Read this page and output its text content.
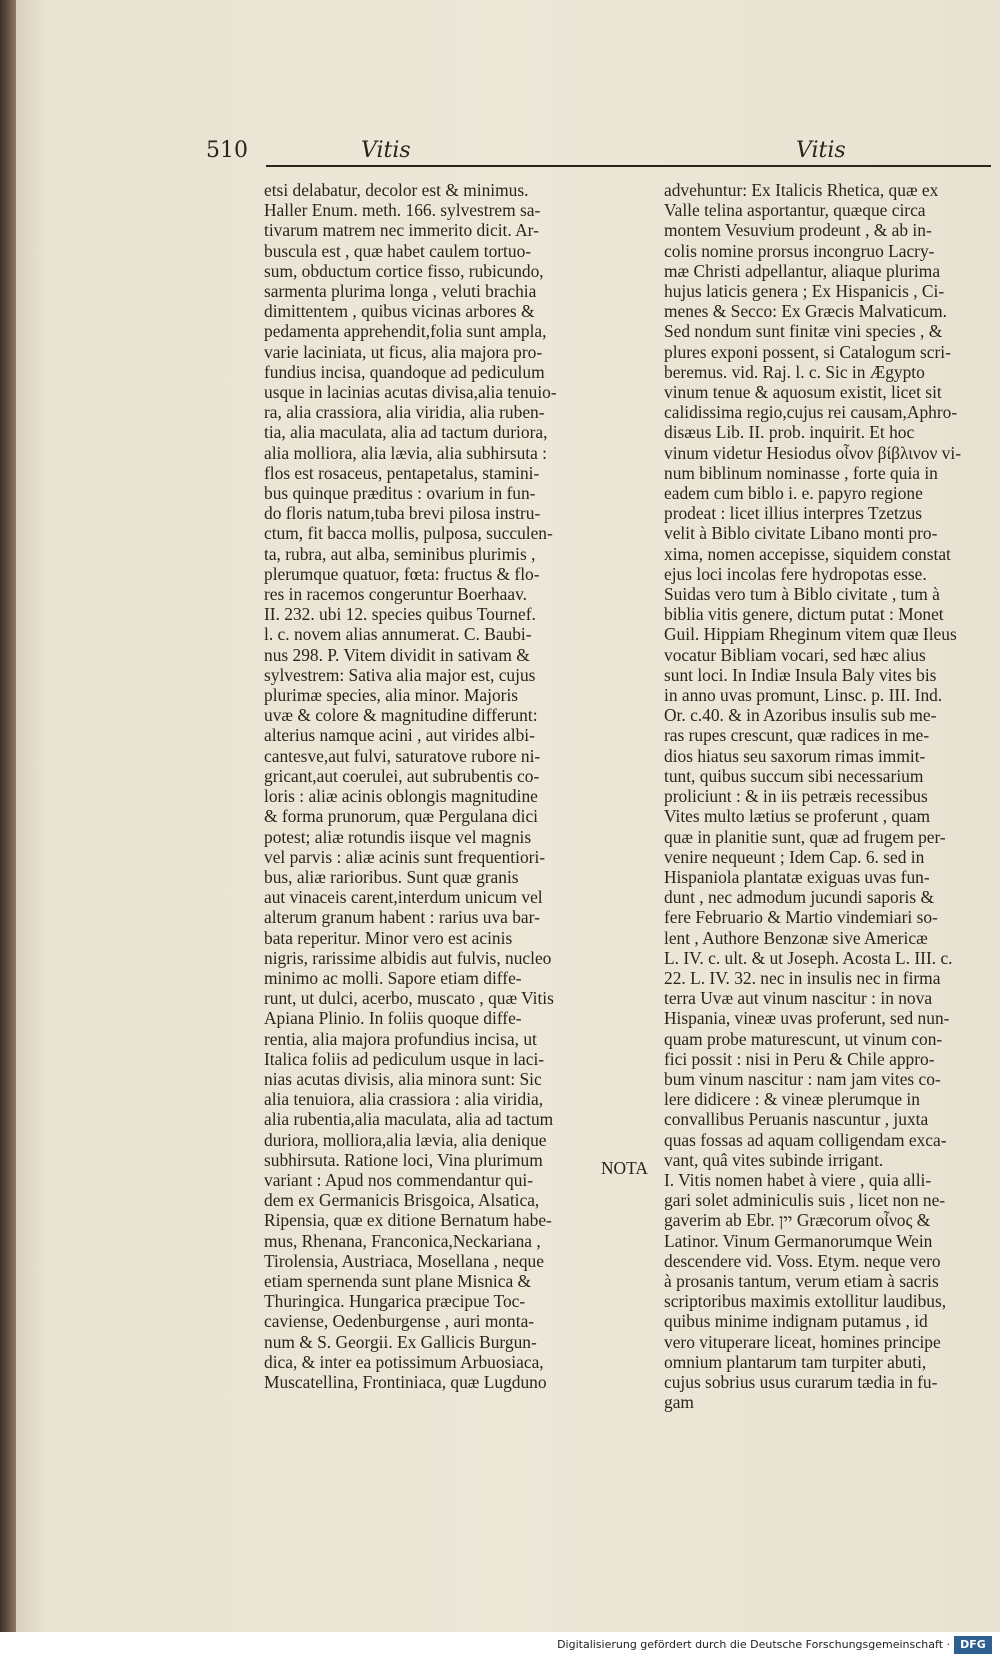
510	Vitis	Vitis
etsi delabatur, decolor est & minimus.
Haller Enum. meth. 166. sylvestrem sa-
tivarum matrem nec immerito dicit. Ar-
buscula est , quæ habet caulem tortuo-
sum, obductum cortice fisso, rubicundo,
sarmenta plurima longa , veluti brachia
dimittentem , quibus vicinas arbores &
pedamenta apprehendit,folia sunt ampla,
varie laciniata, ut ficus, alia majora pro-
fundius incisa, quandoque ad pediculum
usque in lacinias acutas divisa,alia tenuio-
ra, alia crassiora, alia viridia, alia ruben-
tia, alia maculata, alia ad tactum duriora,
alia molliora, alia lævia, alia subhirsuta :
flos est rosaceus, pentapetalus, stamini-
bus quinque præditus : ovarium in fun-
do floris natum,tuba brevi pilosa instru-
ctum, fit bacca mollis, pulposa, succulen-
ta, rubra, aut alba, seminibus plurimis ,
plerumque quatuor, fœta: fructus & flo-
res in racemos congeruntur Boerhaav.
II. 232. ubi 12. species quibus Tournef.
l. c. novem alias annumerat. C. Baubi-
nus 298. P. Vitem dividit in sativam &
sylvestrem: Sativa alia major est, cujus
plurimæ species, alia minor. Majoris
uvæ & colore & magnitudine differunt:
alterius namque acini , aut virides albi-
cantesve,aut fulvi, saturatove rubore ni-
gricant,aut coerulei, aut subrubentis co-
loris : aliæ acinis oblongis magnitudine
& forma prunorum, quæ Pergulana dici
potest; aliæ rotundis iisque vel magnis
vel parvis : aliæ acinis sunt frequentiori-
bus, aliæ rarioribus. Sunt quæ granis
aut vinaceis carent,interdum unicum vel
alterum granum habent : rarius uva bar-
bata reperitur. Minor vero est acinis
nigris, rarissime albidis aut fulvis, nucleo
minimo ac molli. Sapore etiam diffe-
runt, ut dulci, acerbo, muscato , quæ Vitis
Apiana Plinio. In foliis quoque diffe-
rentia, alia majora profundius incisa, ut
Italica foliis ad pediculum usque in laci-
nias acutas divisis, alia minora sunt: Sic
alia tenuiora, alia crassiora : alia viridia,
alia rubentia,alia maculata, alia ad tactum
duriora, molliora,alia lævia, alia denique
subhirsuta. Ratione loci, Vina plurimum
variant : Apud nos commendantur qui-
dem ex Germanicis Brisgoica, Alsatica,
Ripensia, quæ ex ditione Bernatum habe-
mus, Rhenana, Franconica,Neckariana ,
Tirolensia, Austriaca, Mosellana , neque
etiam spernenda sunt plane Misnica &
Thuringica. Hungarica præcipue Toc-
caviense, Oedenburgense , auri monta-
num & S. Georgii. Ex Gallicis Burgun-
dica, & inter ea potissimum Arbuosiaca,
Muscatellina, Frontiniaca, quæ Lugduno
advehuntur: Ex Italicis Rhetica, quæ ex
Valle telina asportantur, quæque circa
montem Vesuvium prodeunt , & ab in-
colis nomine prorsus incongruo Lacry-
mæ Christi adpellantur, aliaque plurima
hujus laticis genera ; Ex Hispanicis , Ci-
menes & Secco: Ex Græcis Malvaticum.
Sed nondum sunt finitæ vini species , &
plures exponi possent, si Catalogum scri-
beremus. vid. Raj. l. c. Sic in Ægypto
vinum tenue & aquosum existit, licet sit
calidissima regio,cujus rei causam,Aphro-
disæus Lib. II. prob. inquirit. Et hoc
vinum videtur Hesiodus οἶνον βίβλινον vi-
num biblinum nominasse , forte quia in
eadem cum biblo i. e. papyro regione
prodeat : licet illius interpres Tzetzus
velit à Biblo civitate Libano monti pro-
xima, nomen accepisse, siquidem constat
ejus loci incolas fere hydropotas esse.
Suidas vero tum à Biblo civitate , tum à
biblia vitis genere, dictum putat : Monet
Guil. Hippiam Rheginum vitem quæ Ileus
vocatur Bibliam vocari, sed hæc alius
sunt loci. In Indiæ Insula Baly vites bis
in anno uvas promunt, Linsc. p. III. Ind.
Or. c.40. & in Azoribus insulis sub me-
ras rupes crescunt, quæ radices in me-
dios hiatus seu saxorum rimas immit-
tunt, quibus succum sibi necessarium
proliciunt : & in iis petræis recessibus
Vites multo lætius se proferunt , quam
quæ in planitie sunt, quæ ad frugem per-
venire nequeunt ; Idem Cap. 6. sed in
Hispaniola plantatæ exiguas uvas fun-
dunt , nec admodum jucundi saporis &
fere Februario & Martio vindemiari so-
lent , Authore Benzonæ sive Americæ
L. IV. c. ult. & ut Joseph. Acosta L. III. c.
22. L. IV. 32. nec in insulis nec in firma
terra Uvæ aut vinum nascitur : in nova
Hispania, vineæ uvas proferunt, sed nun-
quam probe maturescunt, ut vinum con-
fici possit : nisi in Peru & Chile appro-
bum vinum nascitur : nam jam vites co-
lere didicere : & vineæ plerumque in
convallibus Peruanis nascuntur , juxta
quas fossas ad aquam colligendam exca-
vant, quâ vites subinde irrigant.
I. Vitis nomen habet à viere , quia alli-
gari solet adminiculis suis , licet non ne-
gaverim ab Ebr. יין Græcorum οἶνος &
Latinor. Vinum Germanorumque Wein
descendere vid. Voss. Etym. neque vero
à prosanis tantum, verum etiam à sacris
scriptoribus maximis extollitur laudibus,
quibus minime indignam putamus , id
vero vituperare liceat, homines principe
omnium plantarum tam turpiter abuti,
cujus sobrius usus curarum tædia in fu-
gam
NOTA
Digitalisierung gefördert durch die Deutsche Forschungsgemeinschaft · DFG
